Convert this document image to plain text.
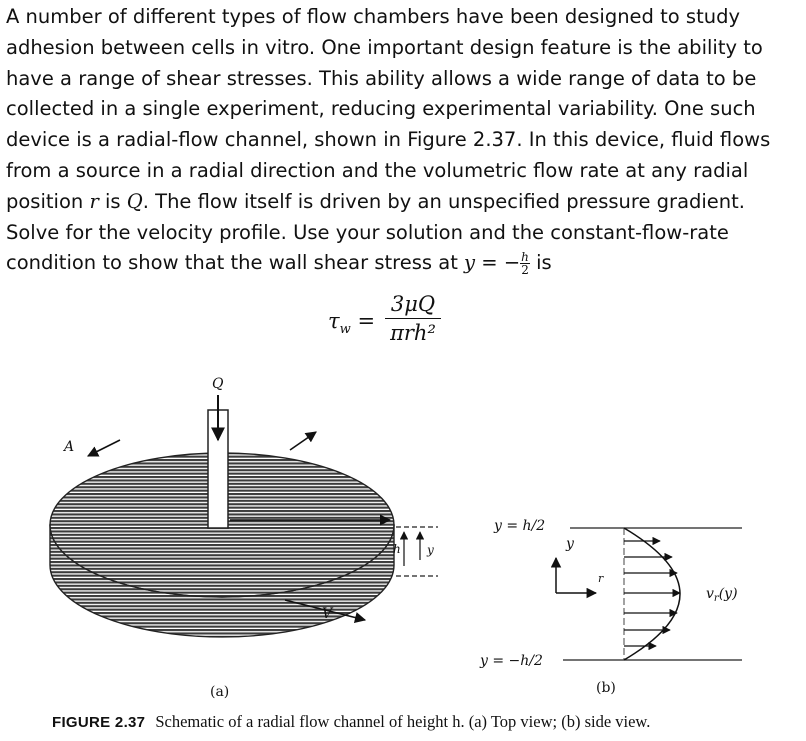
A number of different types of flow chambers have been designed to study adhesion between cells in vitro. One important design feature is the ability to have a range of shear stresses. This ability allows a wide range of data to be collected in a single experiment, reducing experimental variability. One such device is a radial-flow channel, shown in Figure 2.37. In this device, fluid flows from a source in a radial direction and the volumetric flow rate at any radial position r is Q. The flow itself is driven by an unspecified pressure gradient. Solve for the velocity profile. Use your solution and the constant-flow-rate condition to show that the wall shear stress at y = − $\frac{h}{2}$ is

$\tau_w$ =
3μQ
πrh²
Q
A
V
h y
(a)
y = h/2
y = −h/2
y
r
$v_r(y)$
(b)
FIGURE 2.37 Schematic of a radial flow channel of height h. (a) Top view; (b) side view.
